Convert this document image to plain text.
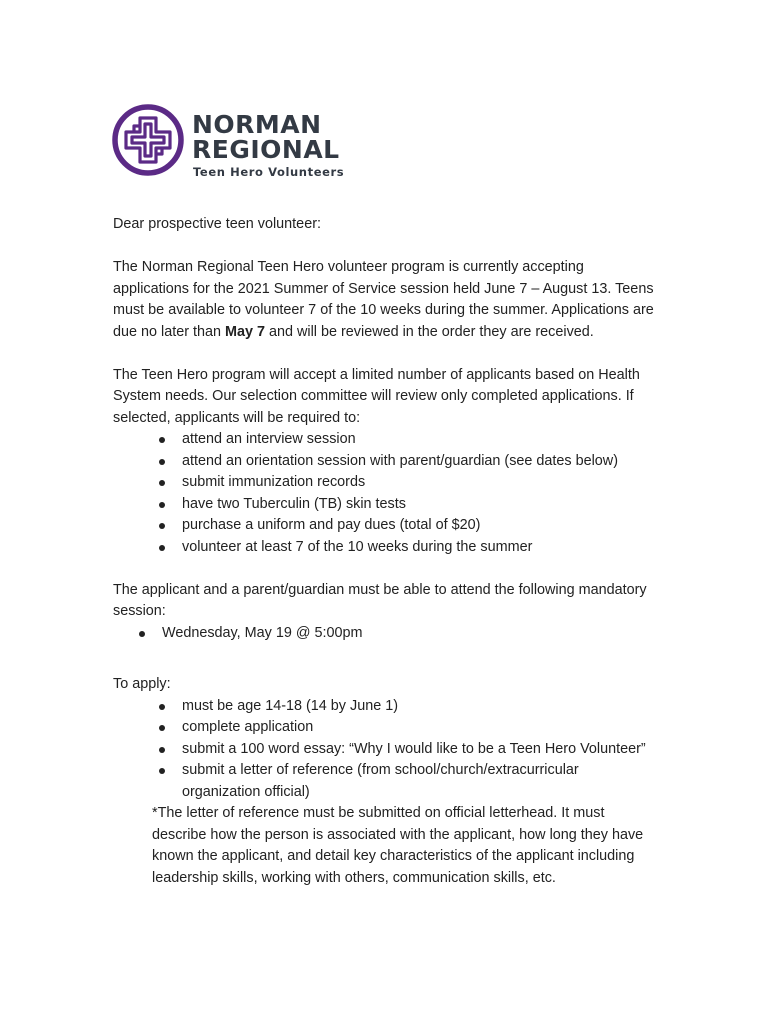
NORMAN
REGIONAL
Teen Hero Volunteers

Dear prospective teen volunteer:

The Norman Regional Teen Hero volunteer program is currently accepting applications for the 2021 Summer of Service session held June 7 – August 13. Teens must be available to volunteer 7 of the 10 weeks during the summer. Applications are due no later than May 7 and will be reviewed in the order they are received.

The Teen Hero program will accept a limited number of applicants based on Health System needs. Our selection committee will review only completed applications. If selected, applicants will be required to:

attend an interview session
attend an orientation session with parent/guardian (see dates below)
submit immunization records
have two Tuberculin (TB) skin tests
purchase a uniform and pay dues (total of $20)
volunteer at least 7 of the 10 weeks during the summer

The applicant and a parent/guardian must be able to attend the following mandatory session:

Wednesday, May 19 @ 5:00pm

To apply:

must be age 14-18 (14 by June 1)
complete application
submit a 100 word essay: “Why I would like to be a Teen Hero Volunteer”
submit a letter of reference (from school/church/extracurricular organization official)

*The letter of reference must be submitted on official letterhead. It must describe how the person is associated with the applicant, how long they have known the applicant, and detail key characteristics of the applicant including leadership skills, working with others, communication skills, etc.
